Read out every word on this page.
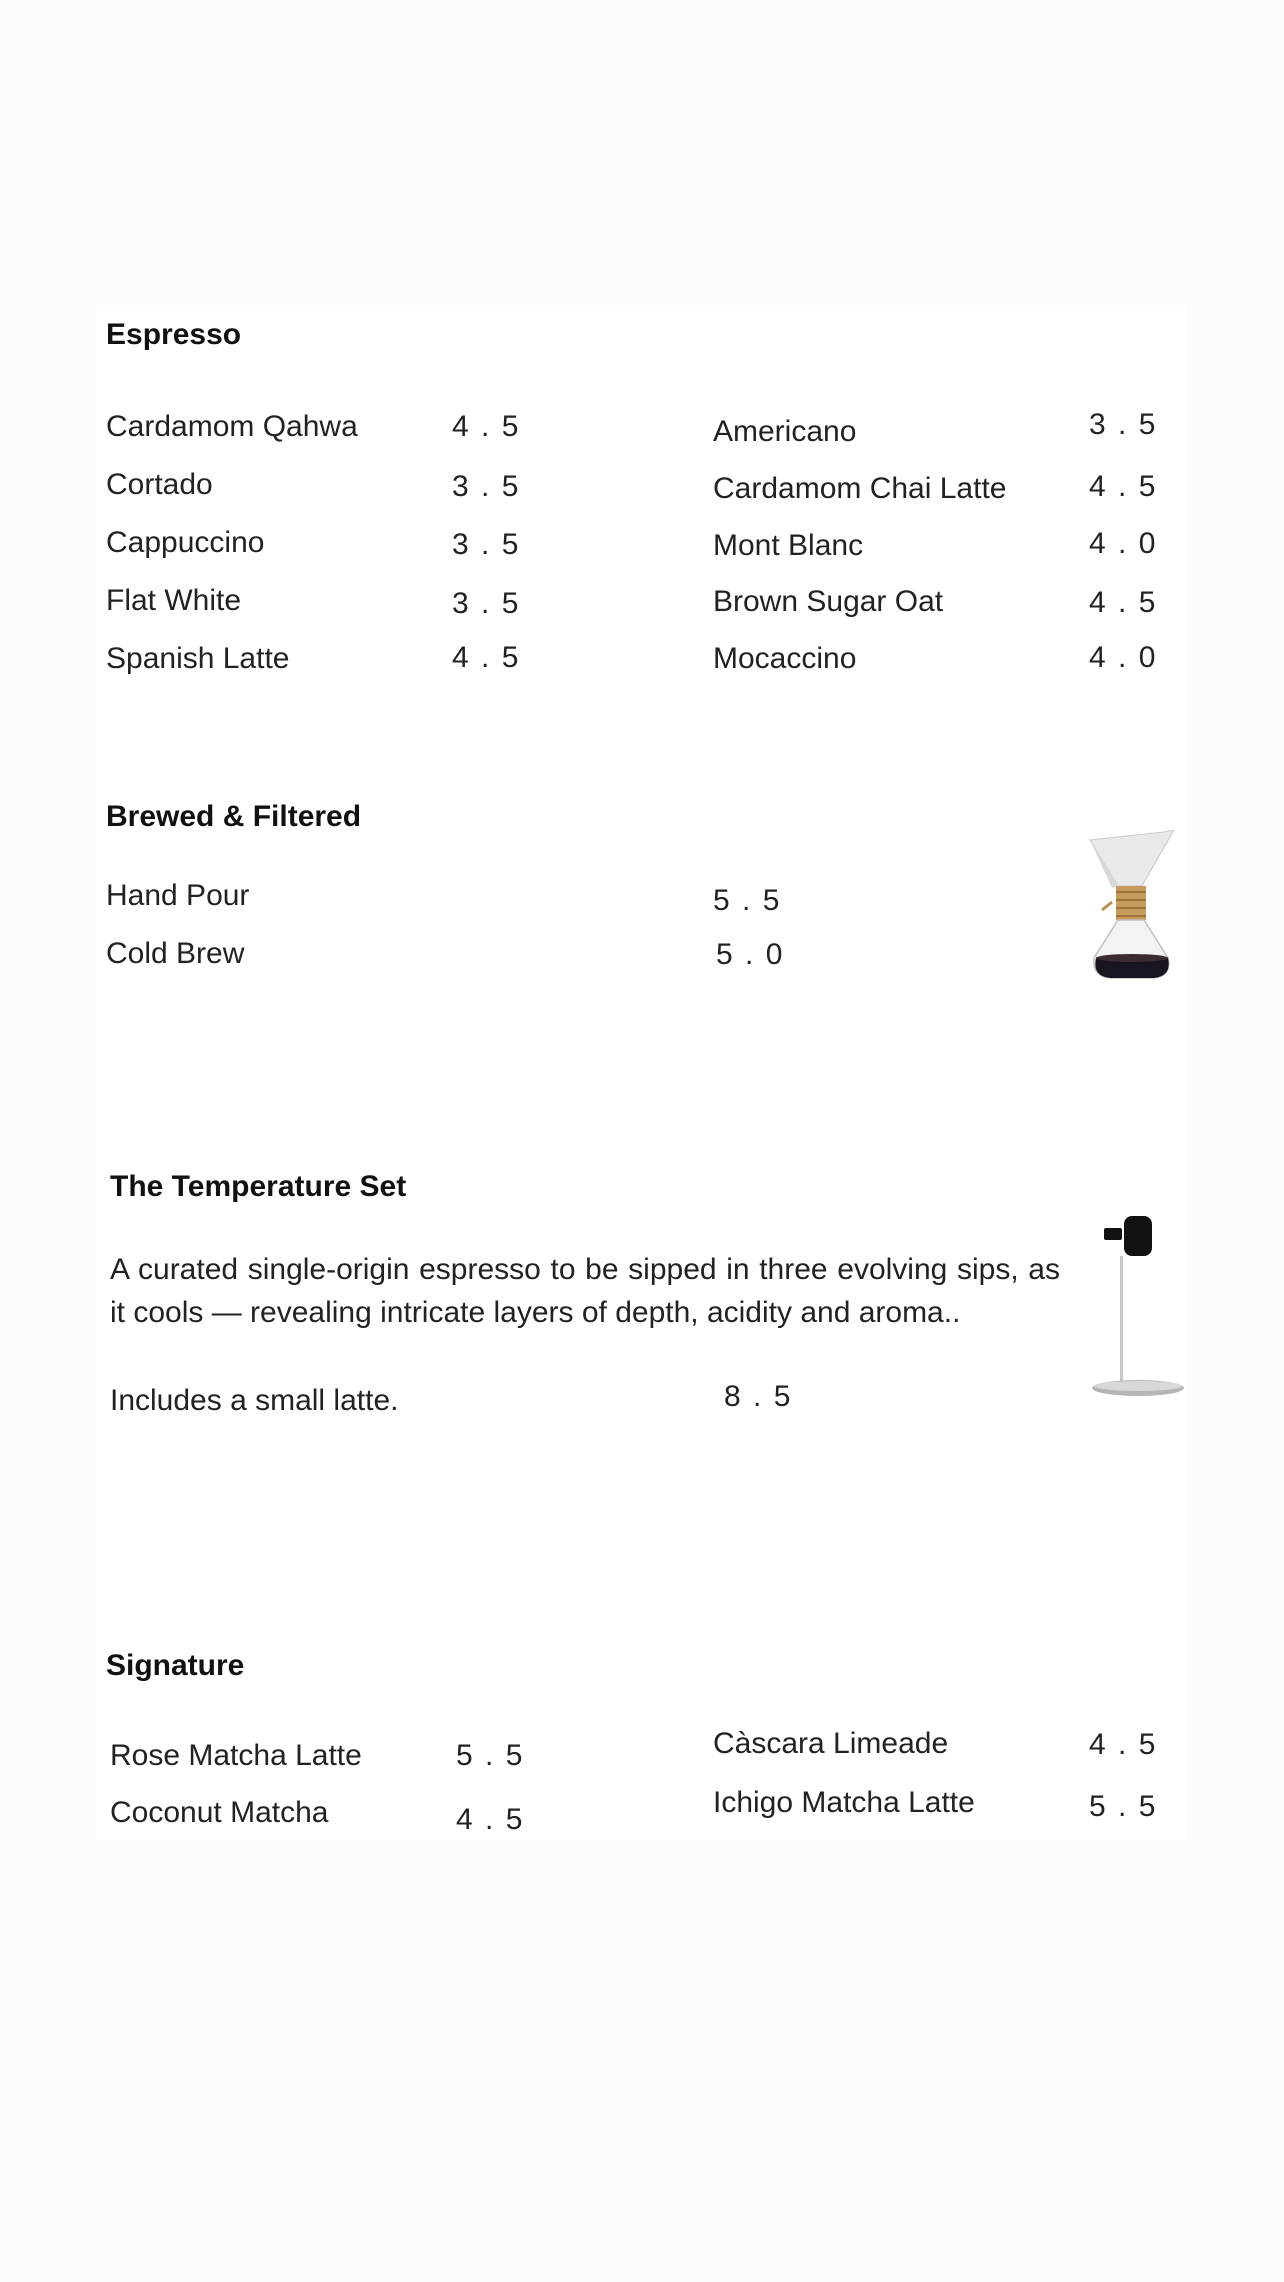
Espresso
Cardamom Qahwa	4 . 5
Cortado	3 . 5
Cappuccino	3 . 5
Flat White	3 . 5
Spanish Latte	4 . 5
Americano	3 . 5
Cardamom Chai Latte	4 . 5
Mont Blanc	4 . 0
Brown Sugar Oat	4 . 5
Mocaccino	4 . 0
Brewed & Filtered
Hand Pour	5 . 5
Cold Brew	5 . 0
The Temperature Set
A curated single-origin espresso to be sipped in three evolving sips, as it cools — revealing intricate layers of depth, acidity and aroma..
Includes a small latte.	8 . 5
Signature
Rose Matcha Latte	5 . 5
Coconut Matcha	4 . 5
Càscara Limeade	4 . 5
Ichigo Matcha Latte	5 . 5
